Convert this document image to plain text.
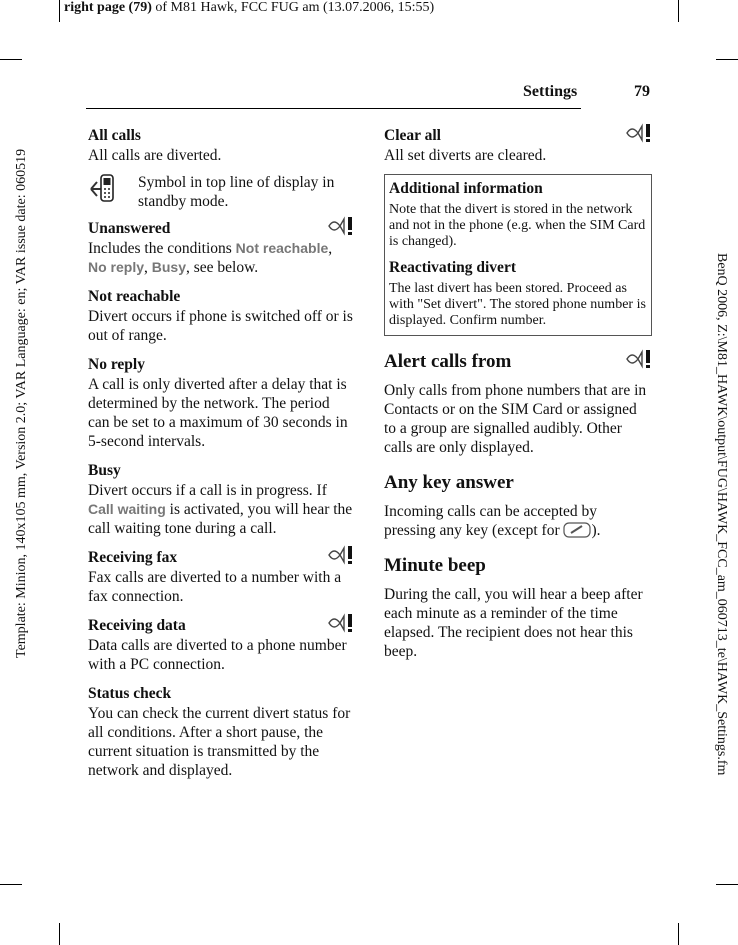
right page (79) of M81 Hawk, FCC FUG am (13.07.2006, 15:55)
Template: Minion, 140x105 mm, Version 2.0; VAR Language: en; VAR issue date: 060519	BenQ 2006, Z:\M81_HAWK\output\FUG\HAWK_FCC_am_060713_te\HAWK_Settings.fm
Settings	79
All calls

All calls are diverted.

Symbol in top line of display in standby mode.
Unanswered

Includes the conditions Not reachable, No reply, Busy, see below.

Not reachable

Divert occurs if phone is switched off or is out of range.

No reply

A call is only diverted after a delay that is determined by the network. The period can be set to a maximum of 30 seconds in 5-second intervals.

Busy

Divert occurs if a call is in progress. If Call waiting is activated, you will hear the call waiting tone during a call.

Receiving fax

Fax calls are diverted to a number with a fax connection.

Receiving data

Data calls are diverted to a phone number with a PC connection.

Status check

You can check the current divert status for all conditions. After a short pause, the current situation is transmitted by the network and displayed.

Clear all

All set diverts are cleared.

Additional information
Note that the divert is stored in the network and not in the phone (e.g. when the SIM Card is changed).
Reactivating divert
The last divert has been stored. Proceed as with "Set divert". The stored phone number is displayed. Confirm number.
Alert calls from

Only calls from phone numbers that are in Contacts or on the SIM Card or assigned to a group are signalled audibly. Other calls are only displayed.

Any key answer

Incoming calls can be accepted by pressing any key (except for ).

Minute beep

During the call, you will hear a beep after each minute as a reminder of the time elapsed. The recipient does not hear this beep.
